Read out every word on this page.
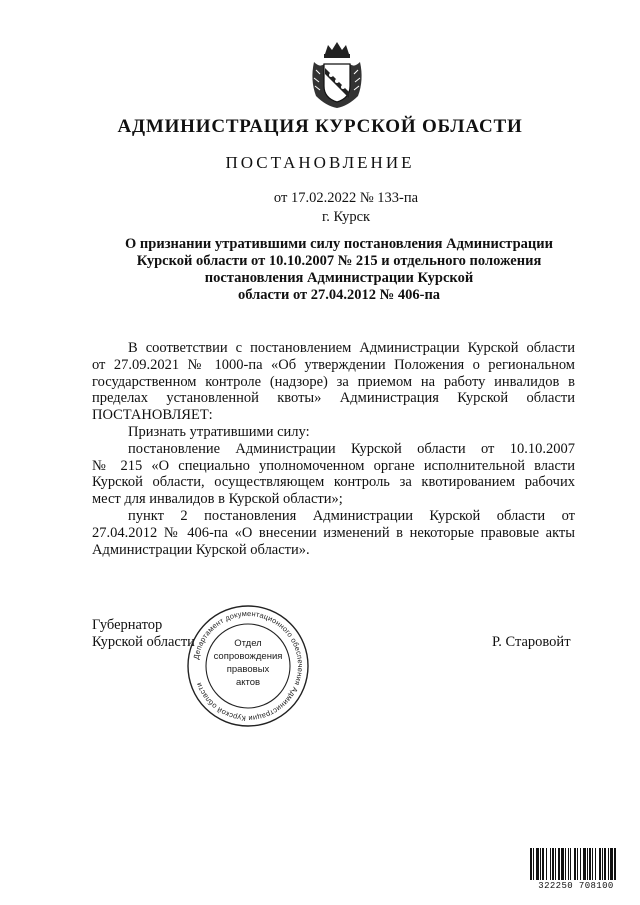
АДМИНИСТРАЦИЯ КУРСКОЙ ОБЛАСТИ
ПОСТАНОВЛЕНИЕ
от 17.02.2022 № 133-па
г. Курск
О признании утратившими силу постановления Администрации
Курской области от 10.10.2007 № 215 и отдельного положения
постановления Администрации Курской
области от 27.04.2012 № 406-па

В соответствии с постановлением Администрации Курской области

от 27.09.2021 № 1000-па «Об утверждении Положения о региональном

государственном контроле (надзоре) за приемом на работу инвалидов в

пределах установленной квоты» Администрация Курской области

ПОСТАНОВЛЯЕТ:

Признать утратившими силу:

постановление Администрации Курской области от 10.10.2007

№ 215 «О специально уполномоченном органе исполнительной власти

Курской области, осуществляющем контроль за квотированием рабочих

мест для инвалидов в Курской области»;

пункт 2 постановления Администрации Курской области от

27.04.2012 № 406-па «О внесении изменений в некоторые правовые акты

Администрации Курской области».

Губернатор
Курской области	Р. Старовойт
Департамент документационного обеспечения Администрации Курской области
Отдел
сопровождения
правовых
актов
322250 708100
